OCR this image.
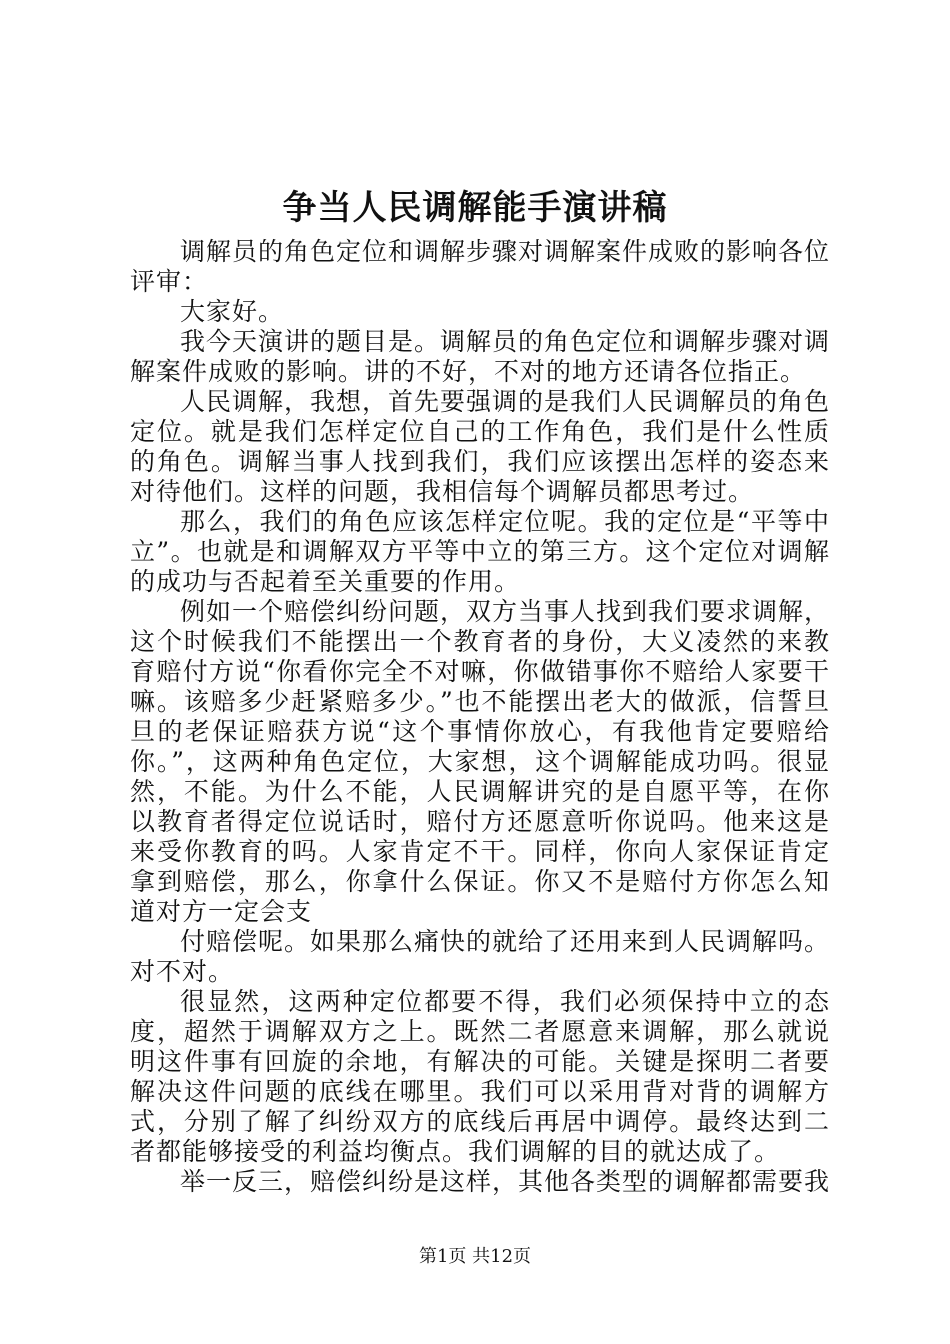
争当人民调解能手演讲稿

调解员的角色定位和调解步骤对调解案件成败的影响各位评审：

大家好。

我今天演讲的题目是。调解员的角色定位和调解步骤对调解案件成败的影响。讲的不好，不对的地方还请各位指正。

人民调解，我想，首先要强调的是我们人民调解员的角色定位。就是我们怎样定位自己的工作角色，我们是什么性质的角色。调解当事人找到我们，我们应该摆出怎样的姿态来对待他们。这样的问题，我相信每个调解员都思考过。

那么，我们的角色应该怎样定位呢。我的定位是“平等中立”。也就是和调解双方平等中立的第三方。这个定位对调解的成功与否起着至关重要的作用。

例如一个赔偿纠纷问题，双方当事人找到我们要求调解，这个时候我们不能摆出一个教育者的身份，大义凌然的来教育赔付方说“你看你完全不对嘛，你做错事你不赔给人家要干嘛。该赔多少赶紧赔多少。”也不能摆出老大的做派，信誓旦旦的老保证赔获方说“这个事情你放心，有我他肯定要赔给你。”，这两种角色定位，大家想，这个调解能成功吗。很显然，不能。为什么不能，人民调解讲究的是自愿平等，在你以教育者得定位说话时，赔付方还愿意听你说吗。他来这是来受你教育的吗。人家肯定不干。同样，你向人家保证肯定拿到赔偿，那么，你拿什么保证。你又不是赔付方你怎么知道对方一定会支

付赔偿呢。如果那么痛快的就给了还用来到人民调解吗。对不对。

很显然，这两种定位都要不得，我们必须保持中立的态度，超然于调解双方之上。既然二者愿意来调解，那么就说明这件事有回旋的余地，有解决的可能。关键是探明二者要解决这件问题的底线在哪里。我们可以采用背对背的调解方式，分别了解了纠纷双方的底线后再居中调停。最终达到二者都能够接受的利益均衡点。我们调解的目的就达成了。

举一反三，赔偿纠纷是这样，其他各类型的调解都需要我

第1页 共12页
